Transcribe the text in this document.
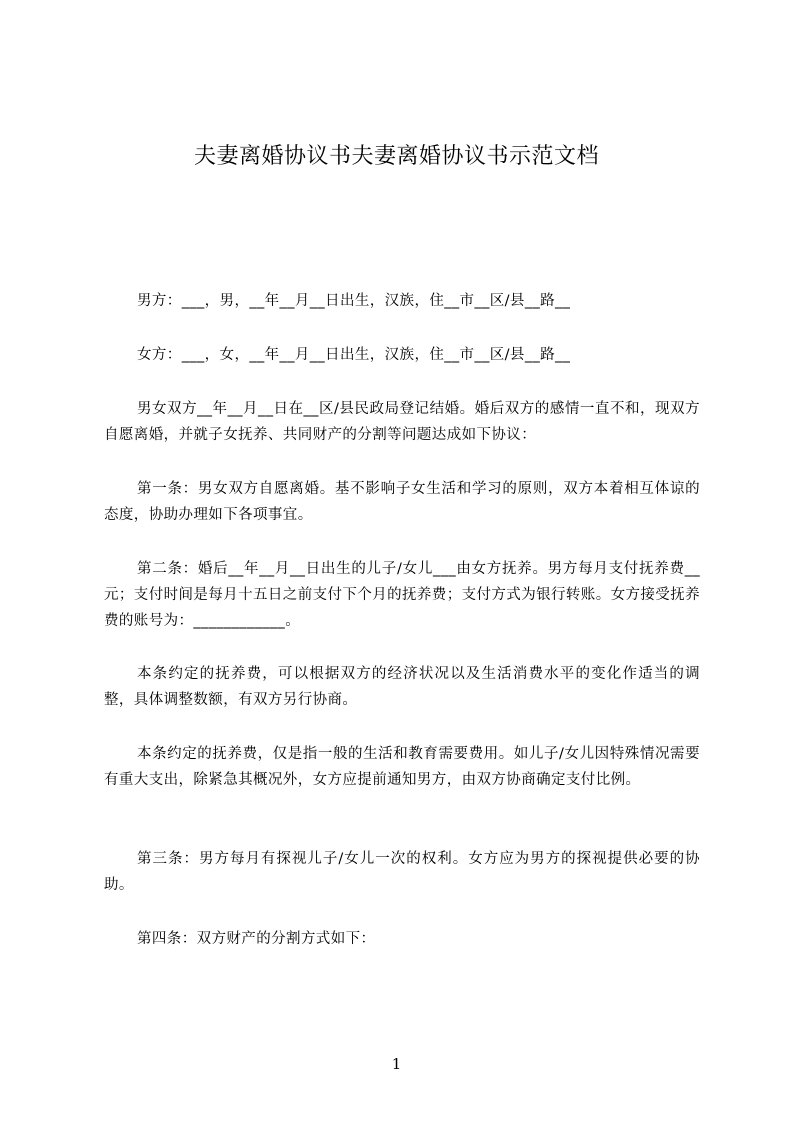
夫妻离婚协议书夫妻离婚协议书示范文档

男方：___，男，__年__月__日出生，汉族，住__市__区/县__路__

女方：___，女，__年__月__日出生，汉族，住__市__区/县__路__

男女双方__年__月__日在__区/县民政局登记结婚。婚后双方的感情一直不和，现双方自愿离婚，并就子女抚养、共同财产的分割等问题达成如下协议：

第一条：男女双方自愿离婚。基不影响子女生活和学习的原则，双方本着相互体谅的态度，协助办理如下各项事宜。

第二条：婚后__年__月__日出生的儿子/女儿___由女方抚养。男方每月支付抚养费__元；支付时间是每月十五日之前支付下个月的抚养费；支付方式为银行转账。女方接受抚养费的账号为：____________。

本条约定的抚养费，可以根据双方的经济状况以及生活消费水平的变化作适当的调整，具体调整数额，有双方另行协商。

本条约定的抚养费，仅是指一般的生活和教育需要费用。如儿子/女儿因特殊情况需要有重大支出，除紧急其概况外，女方应提前通知男方，由双方协商确定支付比例。

第三条：男方每月有探视儿子/女儿一次的权利。女方应为男方的探视提供必要的协助。

第四条：双方财产的分割方式如下：

1
